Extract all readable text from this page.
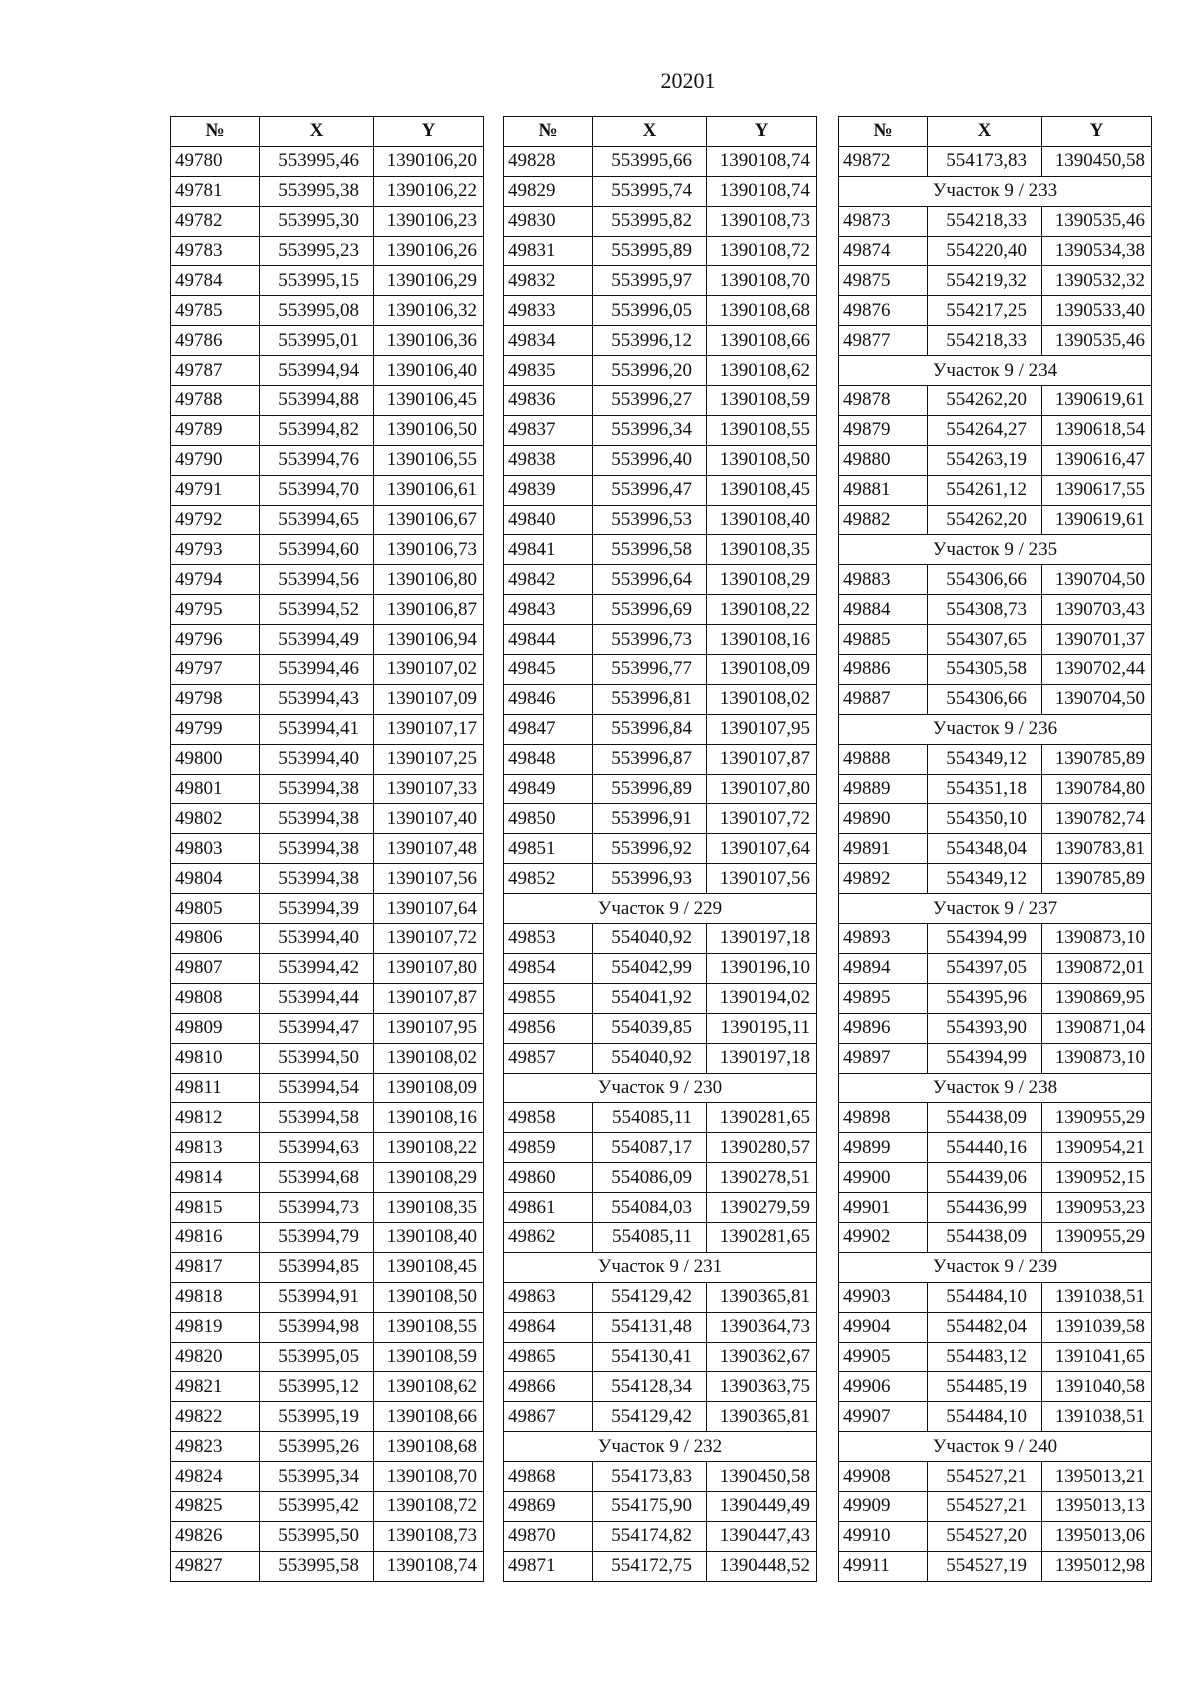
20201
№	X	Y
49780	553995,46	1390106,20
49781	553995,38	1390106,22
49782	553995,30	1390106,23
49783	553995,23	1390106,26
49784	553995,15	1390106,29
49785	553995,08	1390106,32
49786	553995,01	1390106,36
49787	553994,94	1390106,40
49788	553994,88	1390106,45
49789	553994,82	1390106,50
49790	553994,76	1390106,55
49791	553994,70	1390106,61
49792	553994,65	1390106,67
49793	553994,60	1390106,73
49794	553994,56	1390106,80
49795	553994,52	1390106,87
49796	553994,49	1390106,94
49797	553994,46	1390107,02
49798	553994,43	1390107,09
49799	553994,41	1390107,17
49800	553994,40	1390107,25
49801	553994,38	1390107,33
49802	553994,38	1390107,40
49803	553994,38	1390107,48
49804	553994,38	1390107,56
49805	553994,39	1390107,64
49806	553994,40	1390107,72
49807	553994,42	1390107,80
49808	553994,44	1390107,87
49809	553994,47	1390107,95
49810	553994,50	1390108,02
49811	553994,54	1390108,09
49812	553994,58	1390108,16
49813	553994,63	1390108,22
49814	553994,68	1390108,29
49815	553994,73	1390108,35
49816	553994,79	1390108,40
49817	553994,85	1390108,45
49818	553994,91	1390108,50
49819	553994,98	1390108,55
49820	553995,05	1390108,59
49821	553995,12	1390108,62
49822	553995,19	1390108,66
49823	553995,26	1390108,68
49824	553995,34	1390108,70
49825	553995,42	1390108,72
49826	553995,50	1390108,73
49827	553995,58	1390108,74
№	X	Y
49828	553995,66	1390108,74
49829	553995,74	1390108,74
49830	553995,82	1390108,73
49831	553995,89	1390108,72
49832	553995,97	1390108,70
49833	553996,05	1390108,68
49834	553996,12	1390108,66
49835	553996,20	1390108,62
49836	553996,27	1390108,59
49837	553996,34	1390108,55
49838	553996,40	1390108,50
49839	553996,47	1390108,45
49840	553996,53	1390108,40
49841	553996,58	1390108,35
49842	553996,64	1390108,29
49843	553996,69	1390108,22
49844	553996,73	1390108,16
49845	553996,77	1390108,09
49846	553996,81	1390108,02
49847	553996,84	1390107,95
49848	553996,87	1390107,87
49849	553996,89	1390107,80
49850	553996,91	1390107,72
49851	553996,92	1390107,64
49852	553996,93	1390107,56
Участок 9 / 229		
49853	554040,92	1390197,18
49854	554042,99	1390196,10
49855	554041,92	1390194,02
49856	554039,85	1390195,11
49857	554040,92	1390197,18
Участок 9 / 230		
49858	554085,11	1390281,65
49859	554087,17	1390280,57
49860	554086,09	1390278,51
49861	554084,03	1390279,59
49862	554085,11	1390281,65
Участок 9 / 231		
49863	554129,42	1390365,81
49864	554131,48	1390364,73
49865	554130,41	1390362,67
49866	554128,34	1390363,75
49867	554129,42	1390365,81
Участок 9 / 232		
49868	554173,83	1390450,58
49869	554175,90	1390449,49
49870	554174,82	1390447,43
49871	554172,75	1390448,52
№	X	Y
49872	554173,83	1390450,58
Участок 9 / 233		
49873	554218,33	1390535,46
49874	554220,40	1390534,38
49875	554219,32	1390532,32
49876	554217,25	1390533,40
49877	554218,33	1390535,46
Участок 9 / 234		
49878	554262,20	1390619,61
49879	554264,27	1390618,54
49880	554263,19	1390616,47
49881	554261,12	1390617,55
49882	554262,20	1390619,61
Участок 9 / 235		
49883	554306,66	1390704,50
49884	554308,73	1390703,43
49885	554307,65	1390701,37
49886	554305,58	1390702,44
49887	554306,66	1390704,50
Участок 9 / 236		
49888	554349,12	1390785,89
49889	554351,18	1390784,80
49890	554350,10	1390782,74
49891	554348,04	1390783,81
49892	554349,12	1390785,89
Участок 9 / 237		
49893	554394,99	1390873,10
49894	554397,05	1390872,01
49895	554395,96	1390869,95
49896	554393,90	1390871,04
49897	554394,99	1390873,10
Участок 9 / 238		
49898	554438,09	1390955,29
49899	554440,16	1390954,21
49900	554439,06	1390952,15
49901	554436,99	1390953,23
49902	554438,09	1390955,29
Участок 9 / 239		
49903	554484,10	1391038,51
49904	554482,04	1391039,58
49905	554483,12	1391041,65
49906	554485,19	1391040,58
49907	554484,10	1391038,51
Участок 9 / 240		
49908	554527,21	1395013,21
49909	554527,21	1395013,13
49910	554527,20	1395013,06
49911	554527,19	1395012,98
